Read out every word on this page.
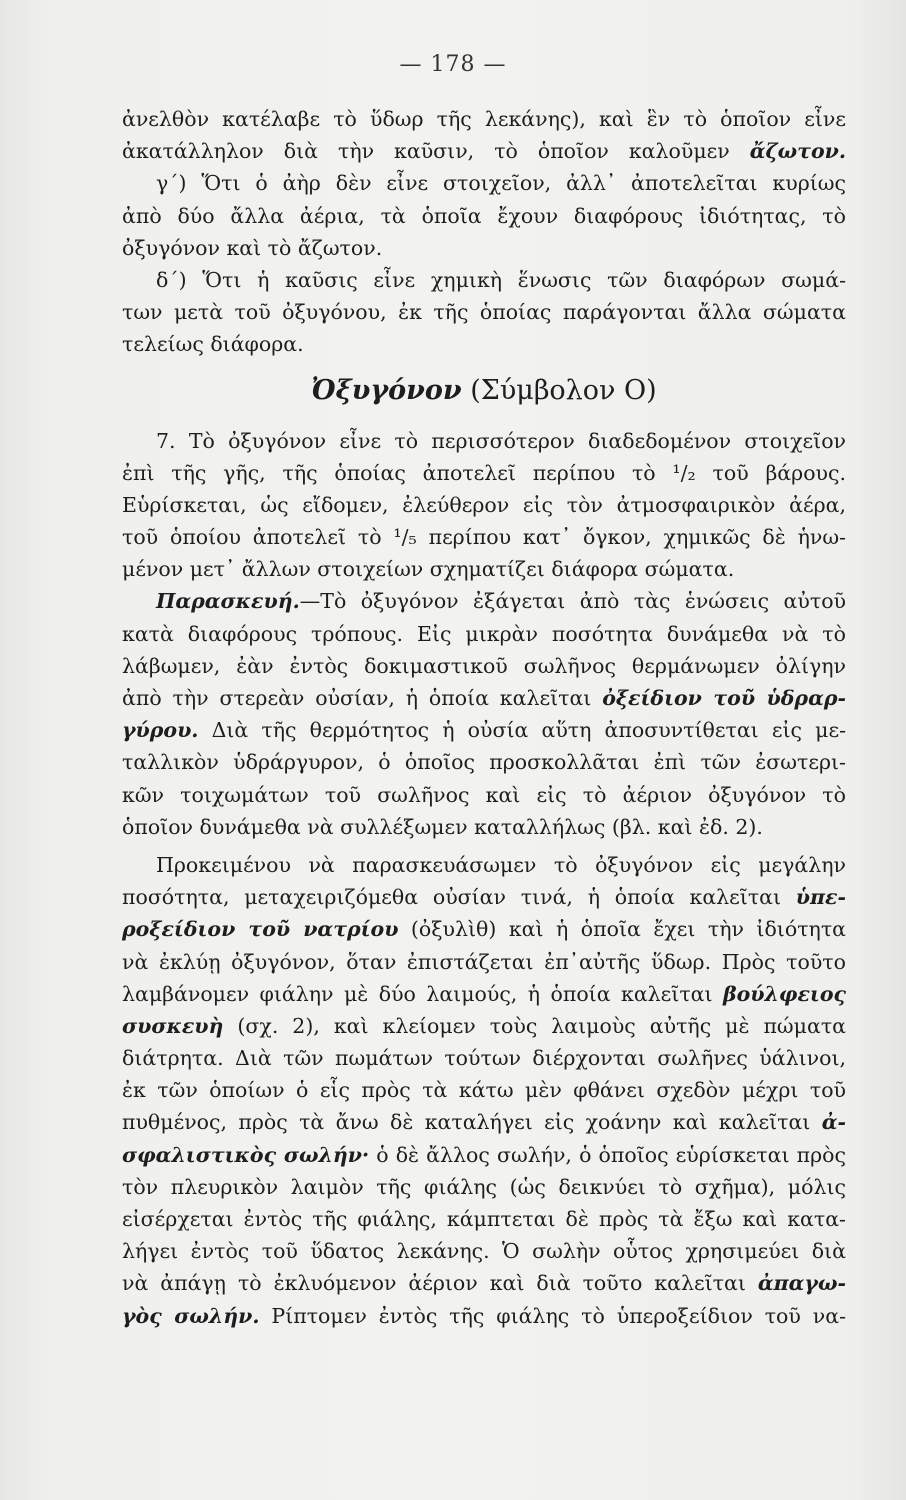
— 178 —
ἀνελθὸν κατέλαβε τὸ ὕδωρ τῆς λεκάνης), καὶ ἓν τὸ ὁποῖον εἶνε
ἀκατάλληλον διὰ τὴν καῦσιν, τὸ ὁποῖον καλοῦμεν ἄζωτον.
γ΄) Ὅτι ὁ ἀὴρ δὲν εἶνε στοιχεῖον, ἀλλ᾽ ἀποτελεῖται κυρίως
ἀπὸ δύο ἄλλα ἀέρια, τὰ ὁποῖα ἔχουν διαφόρους ἰδιότητας, τὸ
ὀξυγόνον καὶ τὸ ἄζωτον.
δ΄) Ὅτι ἡ καῦσις εἶνε χημικὴ ἕνωσις τῶν διαφόρων σωμά-
των μετὰ τοῦ ὀξυγόνου, ἐκ τῆς ὁποίας παράγονται ἄλλα σώματα
τελείως διάφορα.
Ὀξυγόνον (Σύμβολον Ο)
7. Τὸ ὀξυγόνον εἶνε τὸ περισσότερον διαδεδομένον στοιχεῖον
ἐπὶ τῆς γῆς, τῆς ὁποίας ἀποτελεῖ περίπου τὸ ¹/₂ τοῦ βάρους.
Εὑρίσκεται, ὡς εἴδομεν, ἐλεύθερον εἰς τὸν ἀτμοσφαιρικὸν ἀέρα,
τοῦ ὁποίου ἀποτελεῖ τὸ ¹/₅ περίπου κατ᾽ ὄγκον, χημικῶς δὲ ἡνω-
μένον μετ᾽ ἄλλων στοιχείων σχηματίζει διάφορα σώματα.
Παρασκευή.—Τὸ ὀξυγόνον ἐξάγεται ἀπὸ τὰς ἑνώσεις αὐτοῦ
κατὰ διαφόρους τρόπους. Εἰς μικρὰν ποσότητα δυνάμεθα νὰ τὸ
λάβωμεν, ἐὰν ἐντὸς δοκιμαστικοῦ σωλῆνος θερμάνωμεν ὀλίγην
ἀπὸ τὴν στερεὰν οὐσίαν, ἡ ὁποία καλεῖται ὀξείδιον τοῦ ὑδραρ-
γύρου. Διὰ τῆς θερμότητος ἡ οὐσία αὕτη ἀποσυντίθεται εἰς με-
ταλλικὸν ὑδράργυρον, ὁ ὁποῖος προσκολλᾶται ἐπὶ τῶν ἐσωτερι-
κῶν τοιχωμάτων τοῦ σωλῆνος καὶ εἰς τὸ ἀέριον ὀξυγόνον τὸ
ὁποῖον δυνάμεθα νὰ συλλέξωμεν καταλλήλως (βλ. καὶ ἐδ. 2).
Προκειμένου νὰ παρασκευάσωμεν τὸ ὀξυγόνον εἰς μεγάλην
ποσότητα, μεταχειριζόμεθα οὐσίαν τινά, ἡ ὁποία καλεῖται ὑπε-
ροξείδιον τοῦ νατρίου (ὀξυλὶθ) καὶ ἡ ὁποῖα ἔχει τὴν ἰδιότητα
νὰ ἐκλύῃ ὀξυγόνον, ὅταν ἐπιστάζεται ἐπ᾽αὐτῆς ὕδωρ. Πρὸς τοῦτο
λαμβάνομεν φιάλην μὲ δύο λαιμούς, ἡ ὁποία καλεῖται βούλφειος
συσκευὴ (σχ. 2), καὶ κλείομεν τοὺς λαιμοὺς αὐτῆς μὲ πώματα
διάτρητα. Διὰ τῶν πωμάτων τούτων διέρχονται σωλῆνες ὑάλινοι,
ἐκ τῶν ὁποίων ὁ εἷς πρὸς τὰ κάτω μὲν φθάνει σχεδὸν μέχρι τοῦ
πυθμένος, πρὸς τὰ ἄνω δὲ καταλήγει εἰς χοάνην καὶ καλεῖται ἀ-
σφαλιστικὸς σωλήν· ὁ δὲ ἄλλος σωλήν, ὁ ὁποῖος εὑρίσκεται πρὸς
τὸν πλευρικὸν λαιμὸν τῆς φιάλης (ὡς δεικνύει τὸ σχῆμα), μόλις
εἰσέρχεται ἐντὸς τῆς φιάλης, κάμπτεται δὲ πρὸς τὰ ἔξω καὶ κατα-
λήγει ἐντὸς τοῦ ὕδατος λεκάνης. Ὁ σωλὴν οὗτος χρησιμεύει διὰ
νὰ ἀπάγῃ τὸ ἐκλυόμενον ἀέριον καὶ διὰ τοῦτο καλεῖται ἀπαγω-
γὸς σωλήν. Ρίπτομεν ἐντὸς τῆς φιάλης τὸ ὑπεροξείδιον τοῦ να-
